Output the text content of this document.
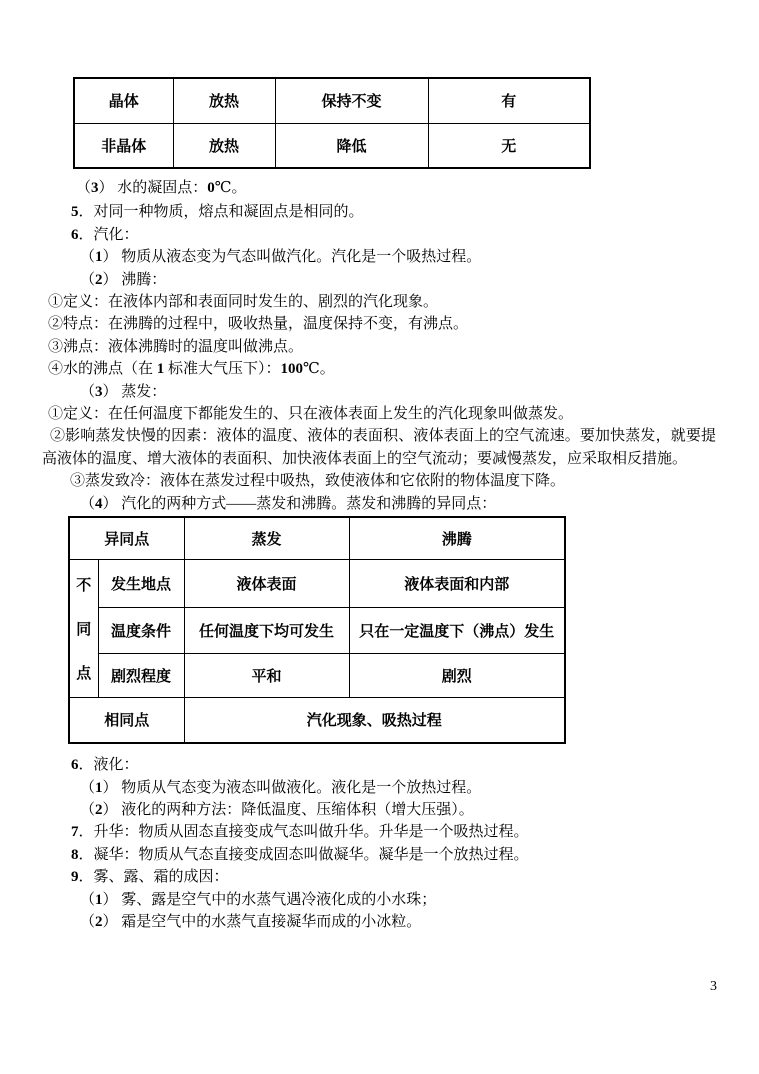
晶体	放热	保持不变	有
非晶体	放热	降低	无
（3） 水的凝固点：0℃。
5．对同一种物质，熔点和凝固点是相同的。
6．汽化：
（1） 物质从液态变为气态叫做汽化。汽化是一个吸热过程。
（2） 沸腾：
①定义：在液体内部和表面同时发生的、剧烈的汽化现象。
②特点：在沸腾的过程中，吸收热量，温度保持不变，有沸点。
③沸点：液体沸腾时的温度叫做沸点。
④水的沸点（在 1 标准大气压下）：100℃。
（3） 蒸发：
①定义：在任何温度下都能发生的、只在液体表面上发生的汽化现象叫做蒸发。
②影响蒸发快慢的因素：液体的温度、液体的表面积、液体表面上的空气流速。要加快蒸发，就要提高液体的温度、增大液体的表面积、加快液体表面上的空气流动；要减慢蒸发，应采取相反措施。
③蒸发致冷：液体在蒸发过程中吸热，致使液体和它依附的物体温度下降。
（4） 汽化的两种方式——蒸发和沸腾。蒸发和沸腾的异同点：
异同点		蒸发	沸腾

不
同
点	发生地点	液体表面	液体表面和内部
	温度条件	任何温度下均可发生	只在一定温度下（沸点）发生
	剧烈程度	平和	剧烈
相同点		汽化现象、吸热过程	
6．液化：
（1） 物质从气态变为液态叫做液化。液化是一个放热过程。
（2） 液化的两种方法：降低温度、压缩体积（增大压强）。
7．升华：物质从固态直接变成气态叫做升华。升华是一个吸热过程。
8．凝华：物质从气态直接变成固态叫做凝华。凝华是一个放热过程。
9．雾、露、霜的成因：
（1） 雾、露是空气中的水蒸气遇冷液化成的小水珠；
（2） 霜是空气中的水蒸气直接凝华而成的小冰粒。
3
